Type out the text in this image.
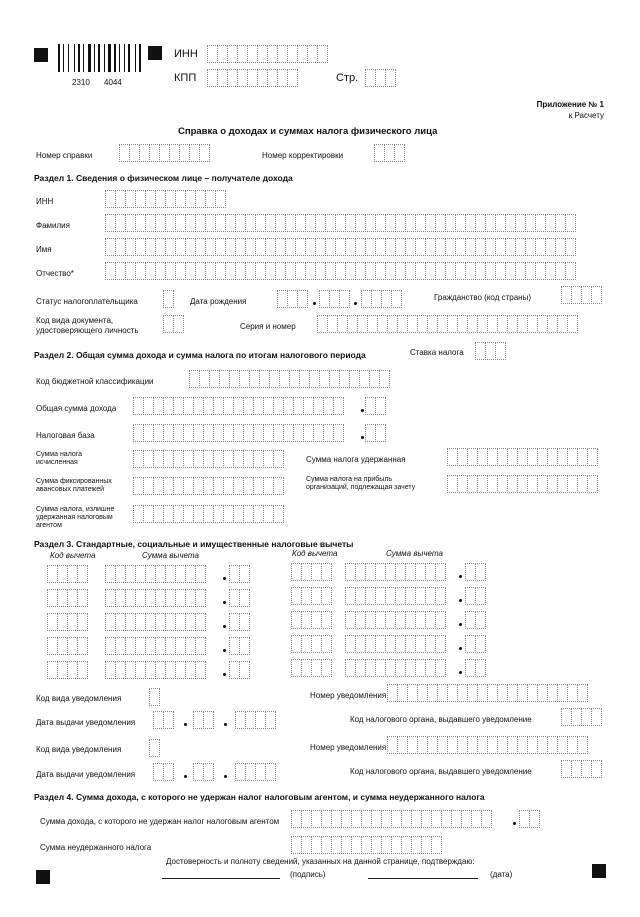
2310 4044
ИНН
КПП	Стр.
Приложение № 1
к Расчету
Справка о доходах и суммах налога физического лица
Номер справки	Номер корректировки
Раздел 1. Сведения о физическом лице – получателе дохода
ИНН
Фамилия
Имя
Отчество*
Статус налогоплательщика	Дата рождения	Гражданство (код страны)
Код вида документа,
удостоверяющего личность	Серия и номер
Раздел 2. Общая сумма дохода и сумма налога по итогам налогового периода	Ставка налога
Код бюджетной классификации
Общая сумма дохода
Налоговая база
Сумма налога
исчисленная	Сумма налога удержанная
Сумма фиксированных
авансовых платежей
Сумма налога на прибыль
организаций, подлежащая зачету
Сумма налога, излишне
удержанная налоговым
агентом
Раздел 3. Стандартные, социальные и имущественные налоговые вычеты
Код вычета	Сумма вычета	Код вычета	Сумма вычета
Код вида уведомления	Номер уведомления
Дата выдачи уведомления	Код налогового органа, выдавшего уведомление
Код вида уведомления	Номер уведомления
Дата выдачи уведомления	Код налогового органа, выдавшего уведомление
Раздел 4. Сумма дохода, с которого не удержан налог налоговым агентом, и сумма неудержанного налога
Сумма дохода, с которого не удержан налог налоговым агентом
Сумма неудержанного налога
Достоверность и полноту сведений, указанных на данной странице, подтверждаю:
(подпись)	(дата)
